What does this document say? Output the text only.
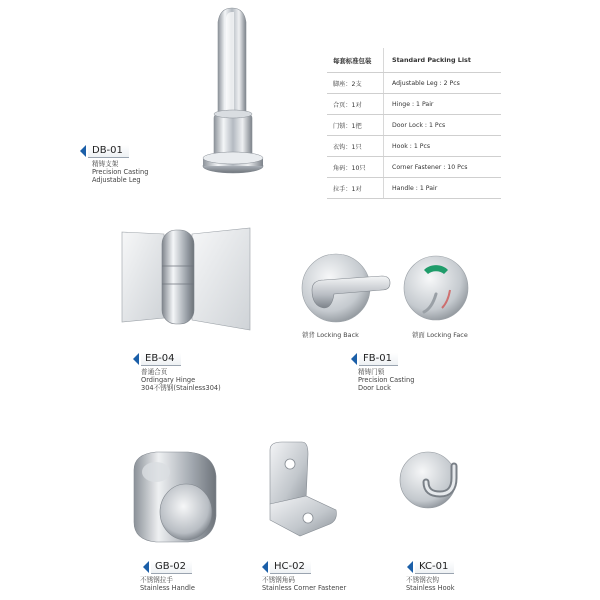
每套标准包装	Standard Packing List
脚座：2支	Adjustable Leg : 2 Pcs
合页：1对	Hinge : 1 Pair
门锁：1把	Door Lock : 1 Pcs
衣钩：1只	Hook : 1 Pcs
角码：10只	Corner Fastener : 10 Pcs
拉手：1对	Handle : 1 Pair
DB-01
精铸支架
Precision Casting
Adjustable Leg
EB-04
普通合页
Ordingary Hinge
304不锈钢(Stainless304)
锁背 Locking Back	锁面 Locking Face
FB-01
精铸门锁
Precision Casting
Door Lock
GB-02
不锈钢拉手
Stainless Handle
HC-02
不锈钢角码
Stainless Corner Fastener
KC-01
不锈钢衣钩
Stainless Hook
